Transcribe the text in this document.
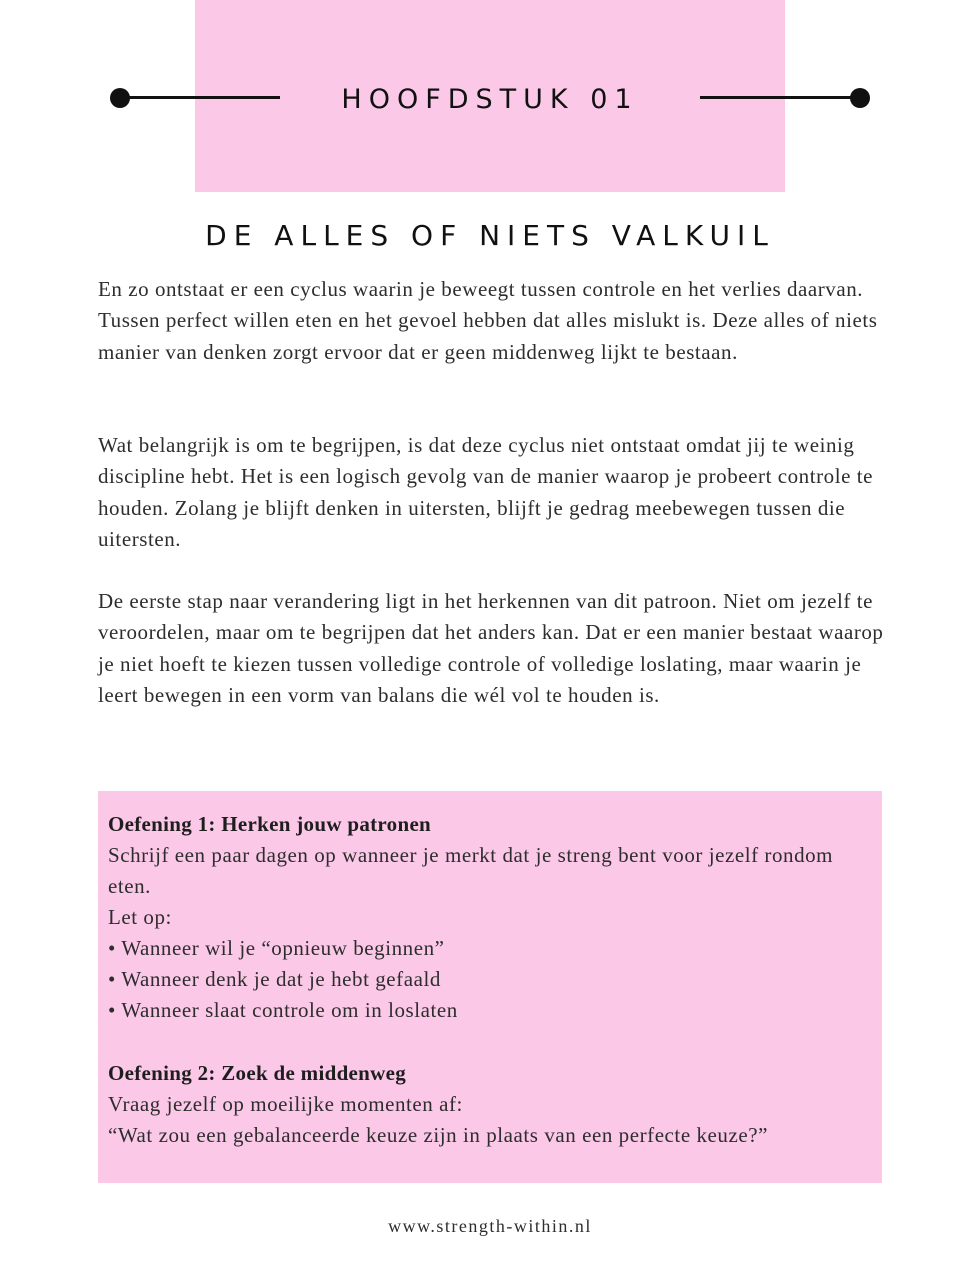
HOOFDSTUK 01
DE ALLES OF NIETS VALKUIL

En zo ontstaat er een cyclus waarin je beweegt tussen controle en het verlies daarvan. Tussen perfect willen eten en het gevoel hebben dat alles mislukt is. Deze alles of niets manier van denken zorgt ervoor dat er geen middenweg lijkt te bestaan.

Wat belangrijk is om te begrijpen, is dat deze cyclus niet ontstaat omdat jij te weinig discipline hebt. Het is een logisch gevolg van de manier waarop je probeert controle te houden. Zolang je blijft denken in uitersten, blijft je gedrag meebewegen tussen die uitersten.

De eerste stap naar verandering ligt in het herkennen van dit patroon. Niet om jezelf te veroordelen, maar om te begrijpen dat het anders kan. Dat er een manier bestaat waarop je niet hoeft te kiezen tussen volledige controle of volledige loslating, maar waarin je leert bewegen in een vorm van balans die wél vol te houden is.

Oefening 1: Herken jouw patronen

Schrijf een paar dagen op wanneer je merkt dat je streng bent voor jezelf rondom eten.

Let op:

• Wanneer wil je “opnieuw beginnen”

• Wanneer denk je dat je hebt gefaald

• Wanneer slaat controle om in loslaten

Oefening 2: Zoek de middenweg

Vraag jezelf op moeilijke momenten af:

“Wat zou een gebalanceerde keuze zijn in plaats van een perfecte keuze?”

www.strength-within.nl
